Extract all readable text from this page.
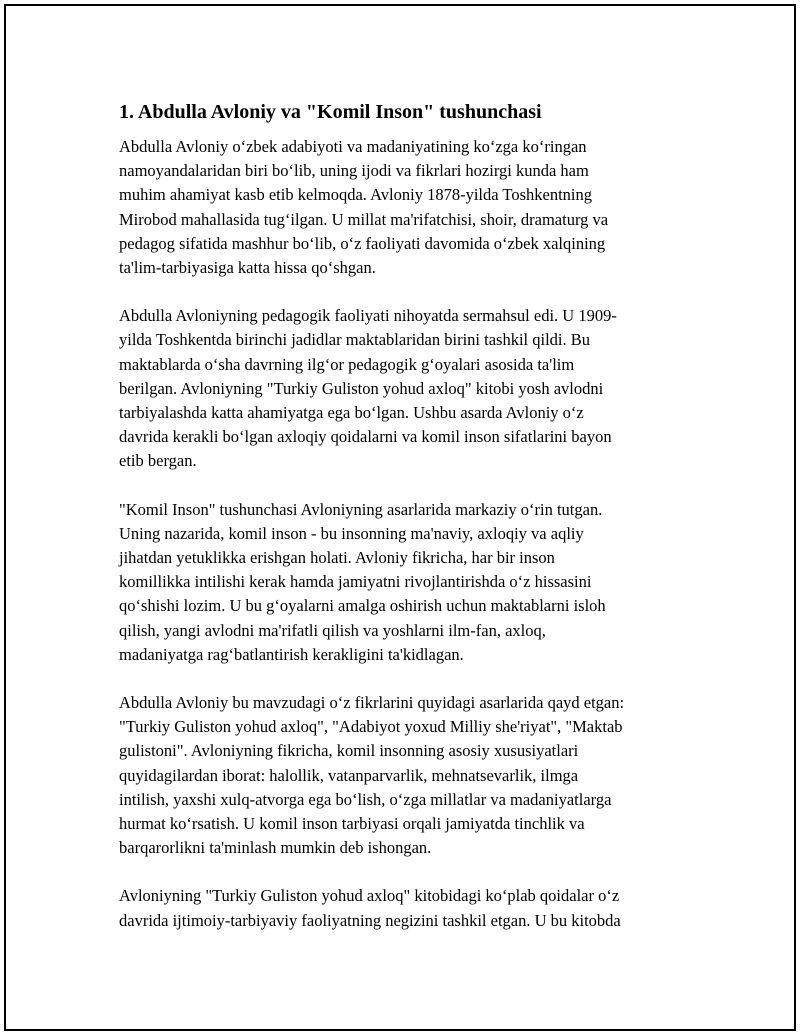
1. Abdulla Avloniy va "Komil Inson" tushunchasi

Abdulla Avloniy o‘zbek adabiyoti va madaniyatining ko‘zga ko‘ringan
namoyandalaridan biri bo‘lib, uning ijodi va fikrlari hozirgi kunda ham
muhim ahamiyat kasb etib kelmoqda. Avloniy 1878-yilda Toshkentning
Mirobod mahallasida tug‘ilgan. U millat ma'rifatchisi, shoir, dramaturg va
pedagog sifatida mashhur bo‘lib, o‘z faoliyati davomida o‘zbek xalqining
ta'lim-tarbiyasiga katta hissa qo‘shgan.

Abdulla Avloniyning pedagogik faoliyati nihoyatda sermahsul edi. U 1909-
yilda Toshkentda birinchi jadidlar maktablaridan birini tashkil qildi. Bu
maktablarda o‘sha davrning ilg‘or pedagogik g‘oyalari asosida ta'lim
berilgan. Avloniyning "Turkiy Guliston yohud axloq" kitobi yosh avlodni
tarbiyalashda katta ahamiyatga ega bo‘lgan. Ushbu asarda Avloniy o‘z
davrida kerakli bo‘lgan axloqiy qoidalarni va komil inson sifatlarini bayon
etib bergan.

"Komil Inson" tushunchasi Avloniyning asarlarida markaziy o‘rin tutgan.
Uning nazarida, komil inson - bu insonning ma'naviy, axloqiy va aqliy
jihatdan yetuklikka erishgan holati. Avloniy fikricha, har bir inson
komillikka intilishi kerak hamda jamiyatni rivojlantirishda o‘z hissasini
qo‘shishi lozim. U bu g‘oyalarni amalga oshirish uchun maktablarni isloh
qilish, yangi avlodni ma'rifatli qilish va yoshlarni ilm-fan, axloq,
madaniyatga rag‘batlantirish kerakligini ta'kidlagan.

Abdulla Avloniy bu mavzudagi o‘z fikrlarini quyidagi asarlarida qayd etgan:
"Turkiy Guliston yohud axloq", "Adabiyot yoxud Milliy she'riyat", "Maktab
gulistoni". Avloniyning fikricha, komil insonning asosiy xususiyatlari
quyidagilardan iborat: halollik, vatanparvarlik, mehnatsevarlik, ilmga
intilish, yaxshi xulq-atvorga ega bo‘lish, o‘zga millatlar va madaniyatlarga
hurmat ko‘rsatish. U komil inson tarbiyasi orqali jamiyatda tinchlik va
barqarorlikni ta'minlash mumkin deb ishongan.

Avloniyning "Turkiy Guliston yohud axloq" kitobidagi ko‘plab qoidalar o‘z
davrida ijtimoiy-tarbiyaviy faoliyatning negizini tashkil etgan. U bu kitobda
